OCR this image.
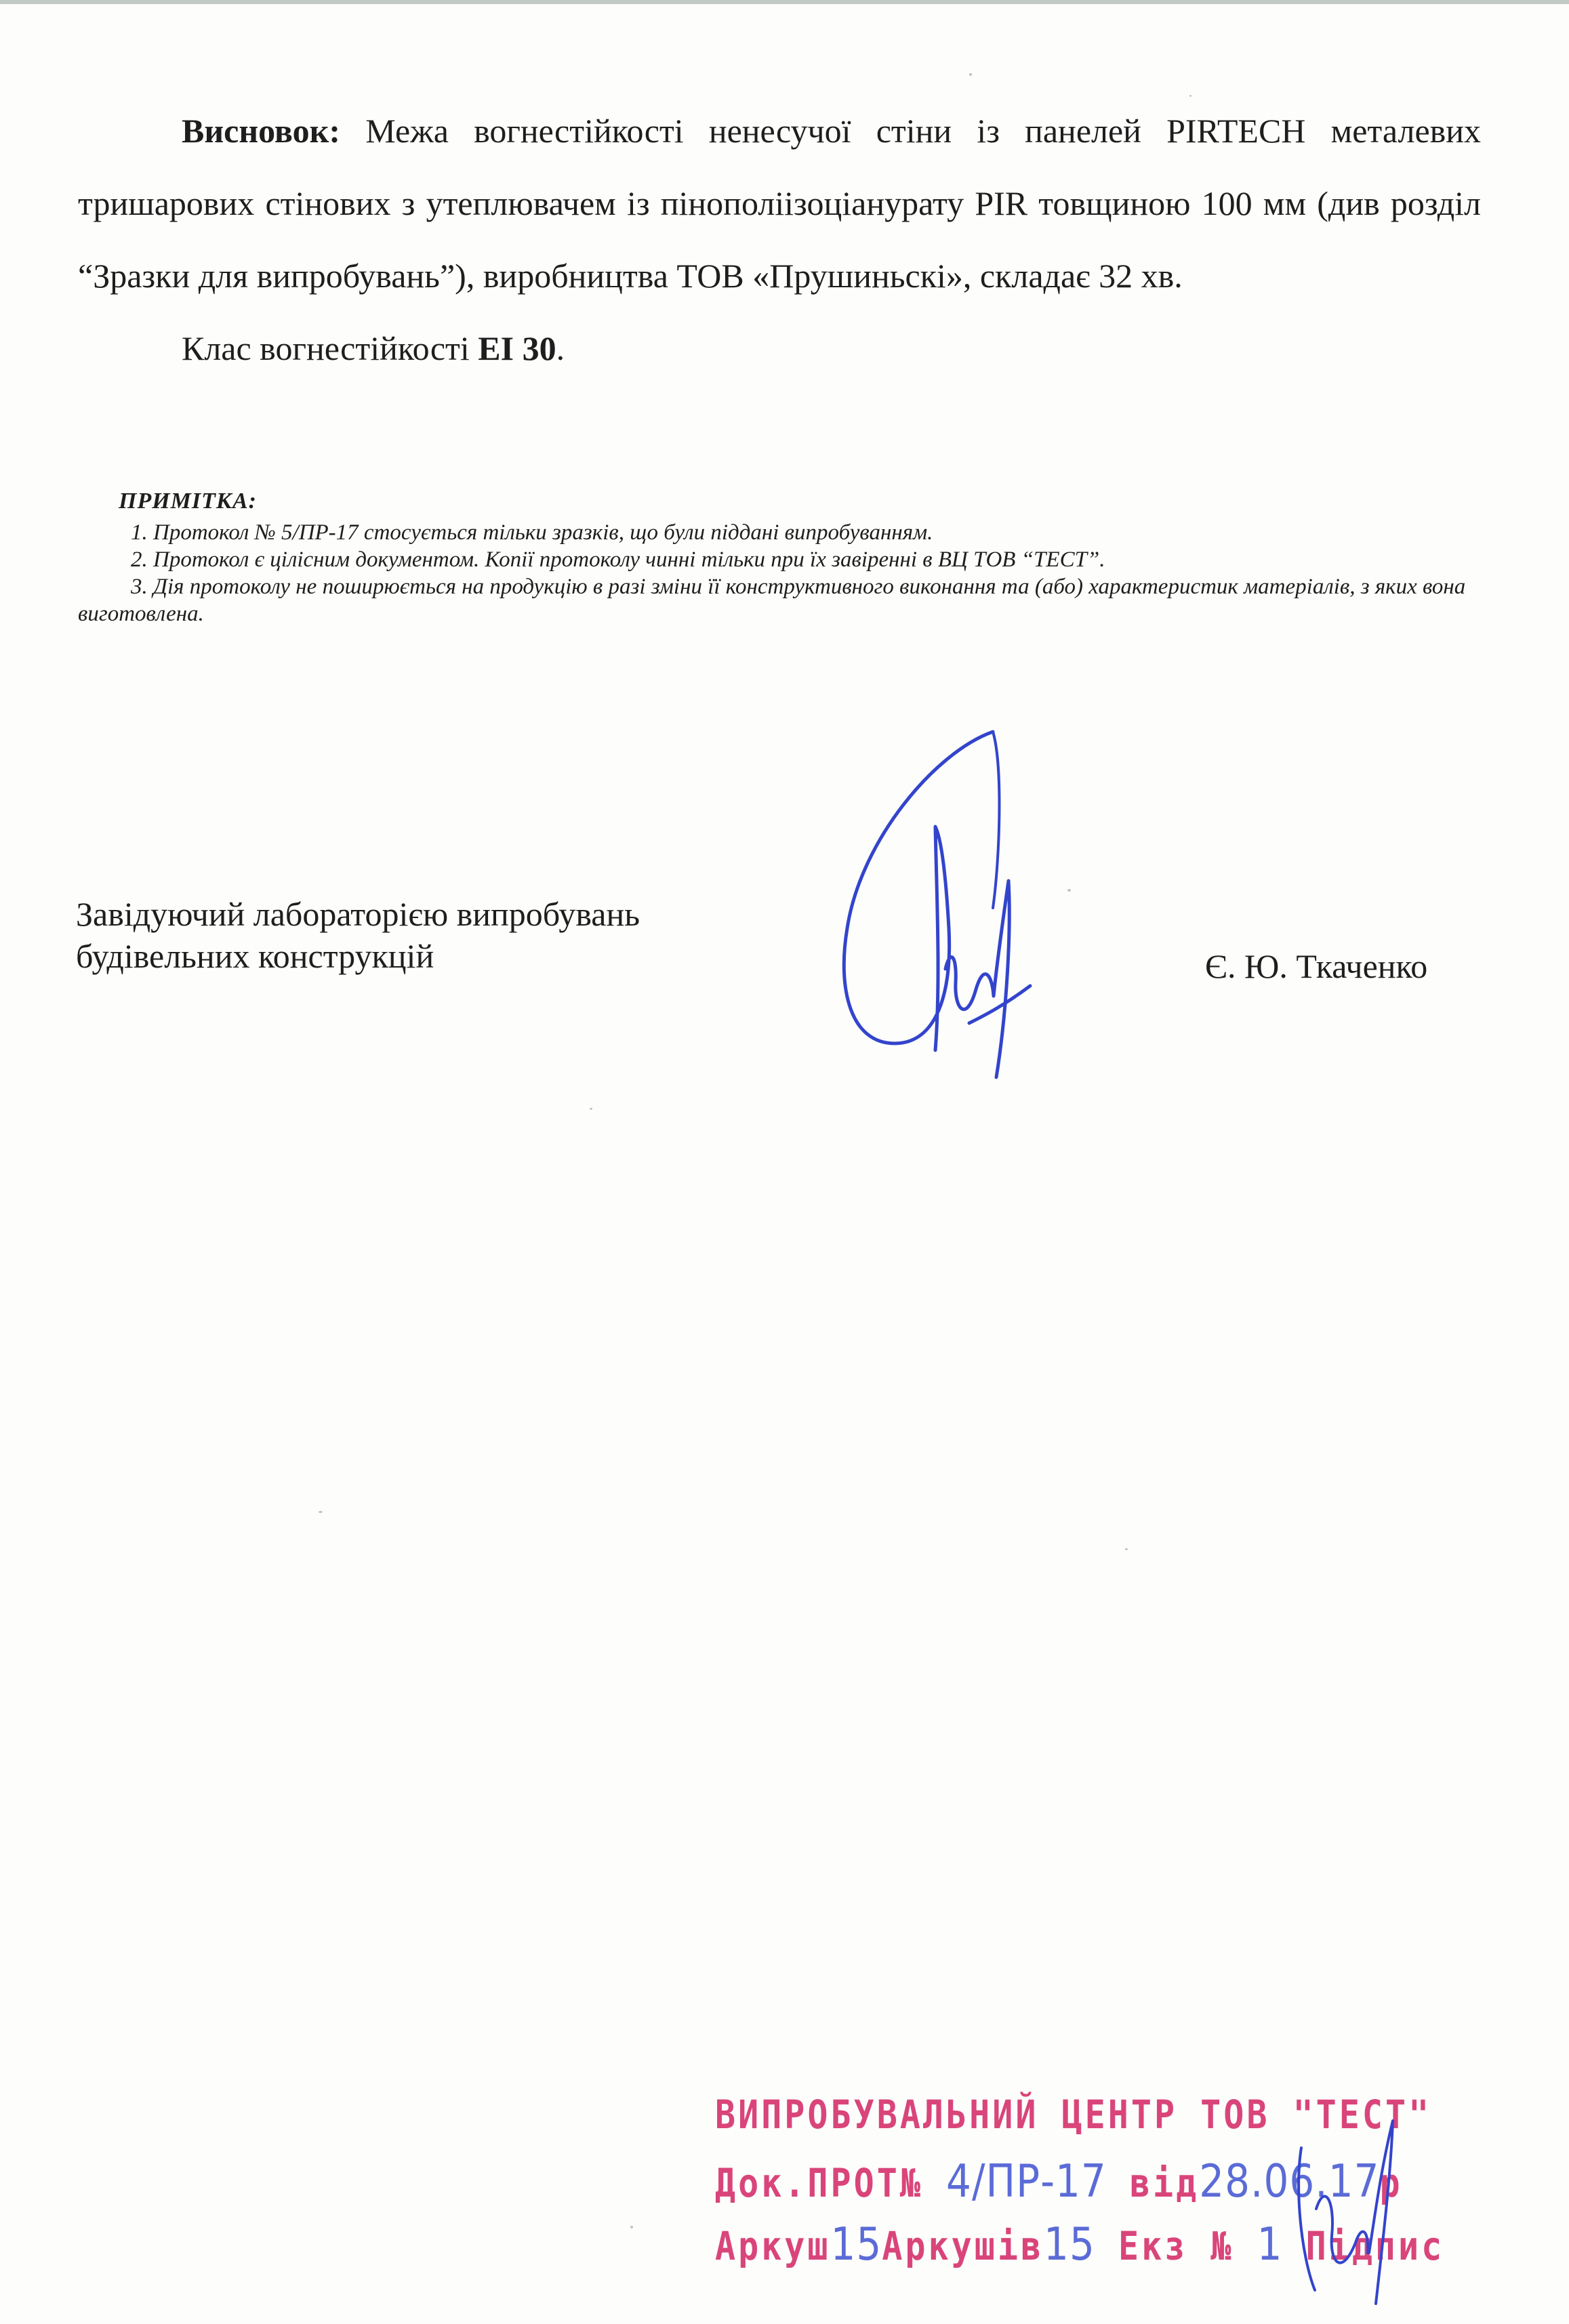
Висновок: Межа вогнестійкості ненесучої стіни із панелей PIRTECH металевих тришарових стінових з утеплювачем із пінополіізоціанурату PIR товщиною 100 мм (див розділ “Зразки для випробувань”), виробництва ТОВ «Прушиньскі», складає 32 хв.

Клас вогнестійкості EI 30.

ПРИМІТКА:

1. Протокол № 5/ПР-17 стосується тільки зразків, що були піддані випробуванням.

2. Протокол є цілісним документом. Копії протоколу чинні тільки при їх завіренні в ВЦ ТОВ “ТЕСТ”.

3. Дія протоколу не поширюється на продукцію в разі зміни її конструктивного виконання та (або) характеристик матеріалів, з яких вона виготовлена.

Завідуючий лабораторією випробувань
будівельних конструкцій	Є. Ю. Ткаченко
ВИПРОБУВАЛЬНИЙ ЦЕНТР ТОВ "ТЕСТ"
Док.ПРОТ№ 4/ПР-17 від28.06.17р
Аркуш15Аркушів15 Екз № 1 Підпис
